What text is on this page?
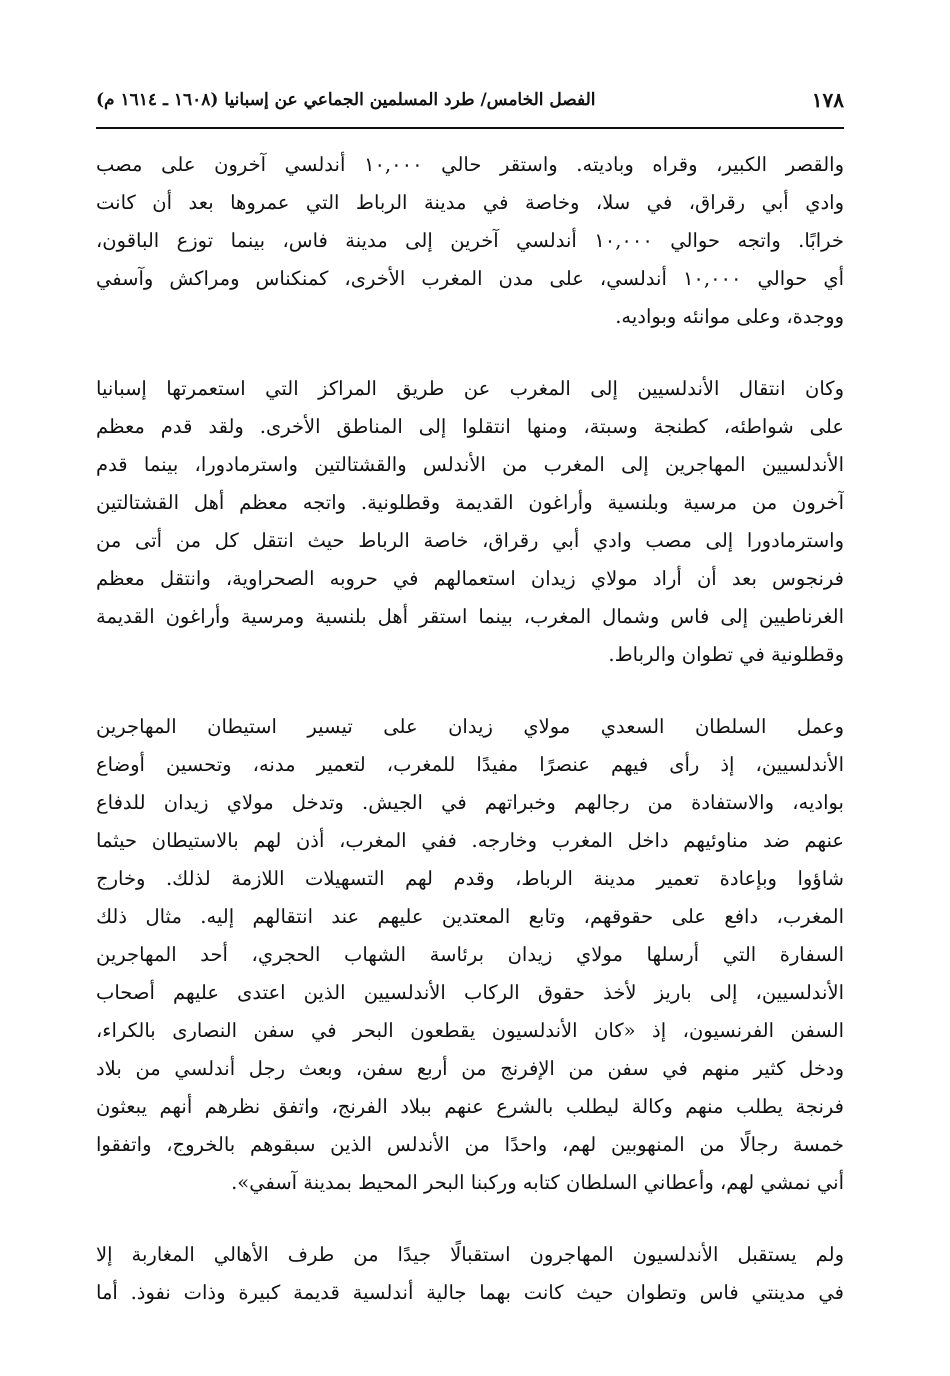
١٧٨
الفصل الخامس/ طرد المسلمين الجماعي عن إسبانيا (١٦٠٨ ـ ١٦١٤ م)
والقصر الكبير، وقراه وباديته. واستقر حالي ١٠,٠٠٠ أندلسي آخرون على مصب
وادي أبي رقراق، في سلا، وخاصة في مدينة الرباط التي عمروها بعد أن كانت
خرابًا. واتجه حوالي ١٠,٠٠٠ أندلسي آخرين إلى مدينة فاس، بينما توزع الباقون،
أي حوالي ١٠,٠٠٠ أندلسي، على مدن المغرب الأخرى، كمنكناس ومراكش وآسفي
ووجدة، وعلى موانئه وبواديه.
وكان انتقال الأندلسيين إلى المغرب عن طريق المراكز التي استعمرتها إسبانيا
على شواطئه، كطنجة وسبتة، ومنها انتقلوا إلى المناطق الأخرى. ولقد قدم معظم
الأندلسيين المهاجرين إلى المغرب من الأندلس والقشتالتين واسترمادورا، بينما قدم
آخرون من مرسية وبلنسية وأراغون القديمة وقطلونية. واتجه معظم أهل القشتالتين
واسترمادورا إلى مصب وادي أبي رقراق، خاصة الرباط حيث انتقل كل من أتى من
فرنجوس بعد أن أراد مولاي زيدان استعمالهم في حروبه الصحراوية، وانتقل معظم
الغرناطيين إلى فاس وشمال المغرب، بينما استقر أهل بلنسية ومرسية وأراغون القديمة
وقطلونية في تطوان والرباط.
وعمل السلطان السعدي مولاي زيدان على تيسير استيطان المهاجرين
الأندلسيين، إذ رأى فيهم عنصرًا مفيدًا للمغرب، لتعمير مدنه، وتحسين أوضاع
بواديه، والاستفادة من رجالهم وخبراتهم في الجيش. وتدخل مولاي زيدان للدفاع
عنهم ضد مناوئيهم داخل المغرب وخارجه. ففي المغرب، أذن لهم بالاستيطان حيثما
شاؤوا وبإعادة تعمير مدينة الرباط، وقدم لهم التسهيلات اللازمة لذلك. وخارج
المغرب، دافع على حقوقهم، وتابع المعتدين عليهم عند انتقالهم إليه. مثال ذلك
السفارة التي أرسلها مولاي زيدان برئاسة الشهاب الحجري، أحد المهاجرين
الأندلسيين، إلى باريز لأخذ حقوق الركاب الأندلسيين الذين اعتدى عليهم أصحاب
السفن الفرنسيون، إذ «كان الأندلسيون يقطعون البحر في سفن النصارى بالكراء،
ودخل كثير منهم في سفن من الإفرنج من أربع سفن، وبعث رجل أندلسي من بلاد
فرنجة يطلب منهم وكالة ليطلب بالشرع عنهم ببلاد الفرنج، واتفق نظرهم أنهم يبعثون
خمسة رجالًا من المنهوبين لهم، واحدًا من الأندلس الذين سبقوهم بالخروج، واتفقوا
أني نمشي لهم، وأعطاني السلطان كتابه وركبنا البحر المحيط بمدينة آسفي».
ولم يستقبل الأندلسيون المهاجرون استقبالًا جيدًا من طرف الأهالي المغاربة إلا
في مدينتي فاس وتطوان حيث كانت بهما جالية أندلسية قديمة كبيرة وذات نفوذ. أما
